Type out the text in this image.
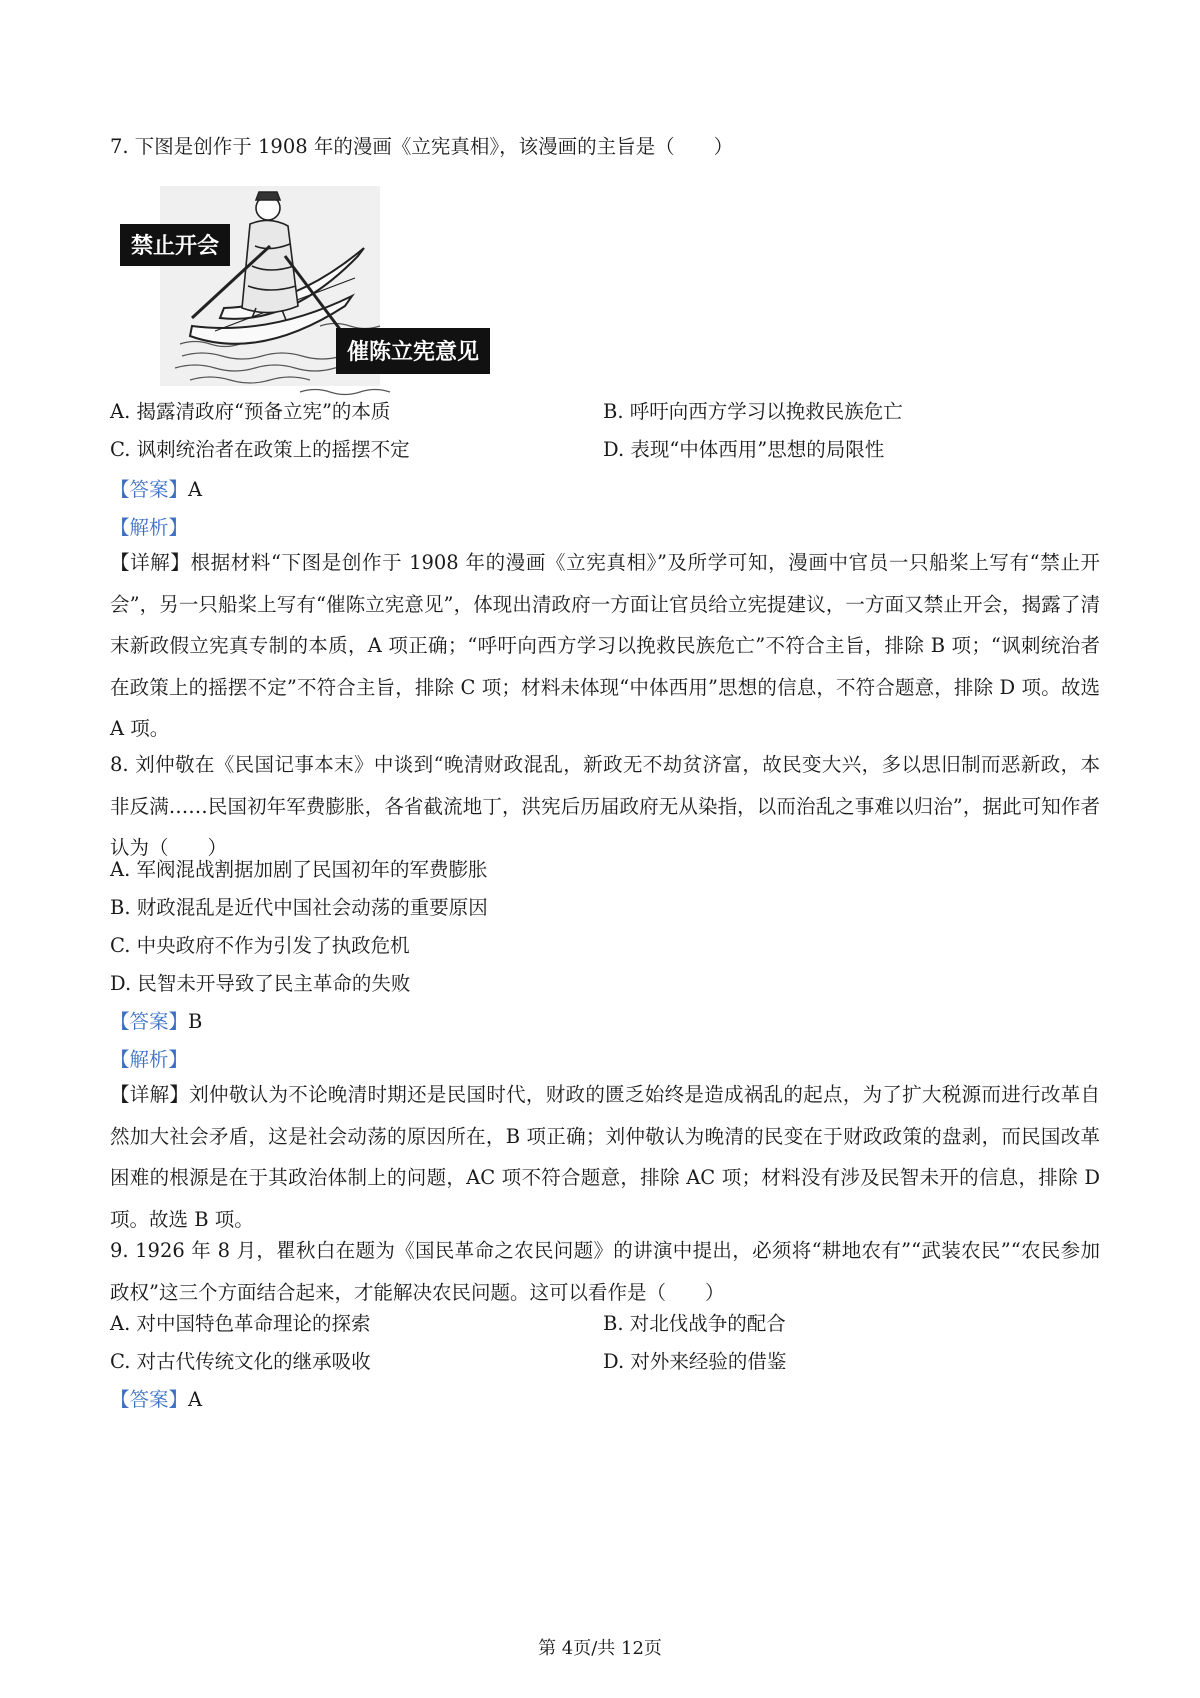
7. 下图是创作于 1908 年的漫画《立宪真相》，该漫画的主旨是（　　）
禁止开会
催陈立宪意见
A. 揭露清政府“预备立宪”的本质	B. 呼吁向西方学习以挽救民族危亡
C. 讽刺统治者在政策上的摇摆不定	D. 表现“中体西用”思想的局限性
【答案】A
【解析】
【详解】根据材料“下图是创作于 1908 年的漫画《立宪真相》”及所学可知，漫画中官员一只船桨上写有“禁止开会”，另一只船桨上写有“催陈立宪意见”，体现出清政府一方面让官员给立宪提建议，一方面又禁止开会，揭露了清末新政假立宪真专制的本质，A 项正确；“呼吁向西方学习以挽救民族危亡”不符合主旨，排除 B 项；“讽刺统治者在政策上的摇摆不定”不符合主旨，排除 C 项；材料未体现“中体西用”思想的信息，不符合题意，排除 D 项。故选 A 项。
8. 刘仲敬在《民国记事本末》中谈到“晚清财政混乱，新政无不劫贫济富，故民变大兴，多以思旧制而恶新政，本非反满……民国初年军费膨胀，各省截流地丁，洪宪后历届政府无从染指，以而治乱之事难以归治”，据此可知作者认为（　　）
A. 军阀混战割据加剧了民国初年的军费膨胀
B. 财政混乱是近代中国社会动荡的重要原因
C. 中央政府不作为引发了执政危机
D. 民智未开导致了民主革命的失败
【答案】B
【解析】
【详解】刘仲敬认为不论晚清时期还是民国时代，财政的匮乏始终是造成祸乱的起点，为了扩大税源而进行改革自然加大社会矛盾，这是社会动荡的原因所在，B 项正确；刘仲敬认为晚清的民变在于财政政策的盘剥，而民国改革困难的根源是在于其政治体制上的问题，AC 项不符合题意，排除 AC 项；材料没有涉及民智未开的信息，排除 D 项。故选 B 项。
9. 1926 年 8 月，瞿秋白在题为《国民革命之农民问题》的讲演中提出，必须将“耕地农有”“武装农民”“农民参加政权”这三个方面结合起来，才能解决农民问题。这可以看作是（　　）
A. 对中国特色革命理论的探索	B. 对北伐战争的配合
C. 对古代传统文化的继承吸收	D. 对外来经验的借鉴
【答案】A
第 4页/共 12页
